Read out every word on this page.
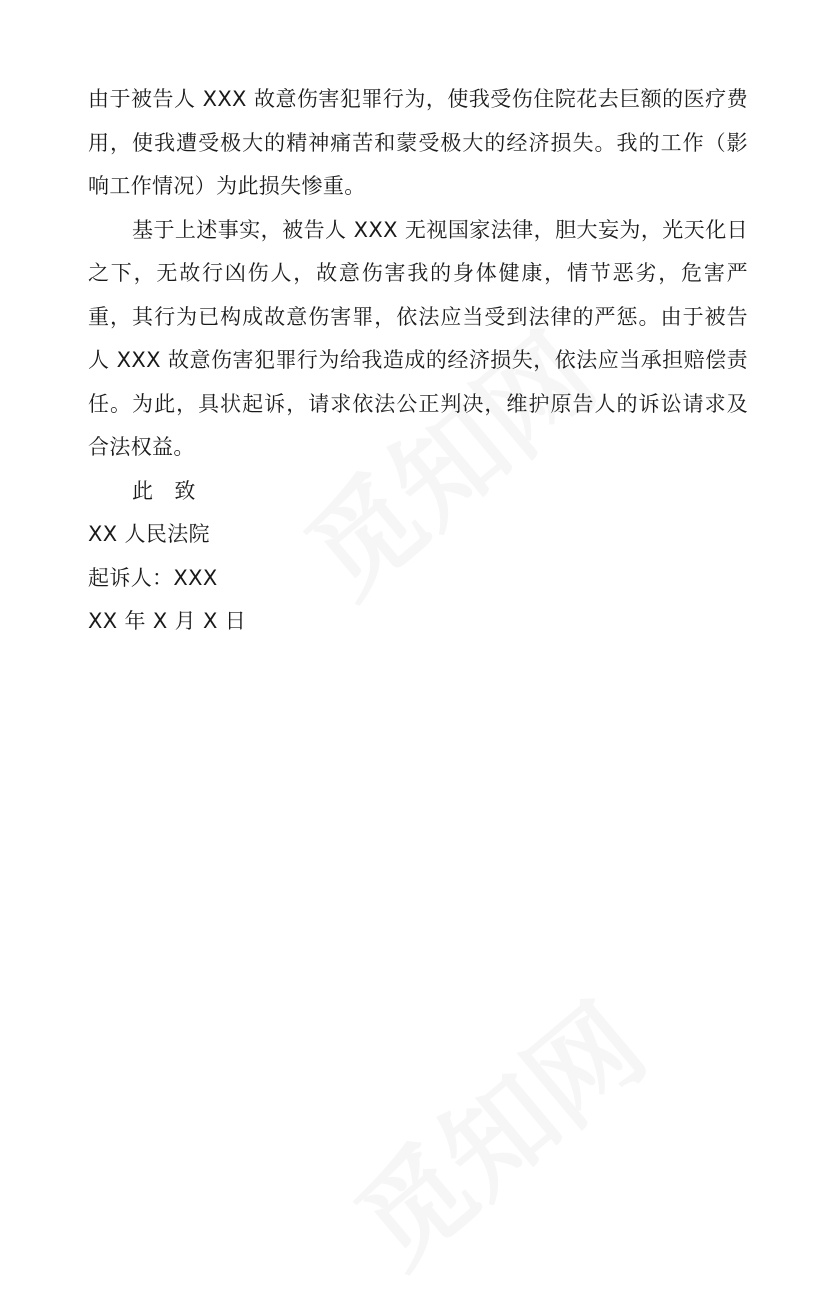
由于被告人 XXX 故意伤害犯罪行为，使我受伤住院花去巨额的医疗费用，使我遭受极大的精神痛苦和蒙受极大的经济损失。我的工作（影响工作情况）为此损失惨重。

基于上述事实，被告人 XXX 无视国家法律，胆大妄为，光天化日之下，无故行凶伤人，故意伤害我的身体健康，情节恶劣，危害严重，其行为已构成故意伤害罪，依法应当受到法律的严惩。由于被告人 XXX 故意伤害犯罪行为给我造成的经济损失，依法应当承担赔偿责任。为此，具状起诉，请求依法公正判决，维护原告人的诉讼请求及合法权益。

此 致

XX 人民法院

起诉人：XXX

XX 年 X 月 X 日
